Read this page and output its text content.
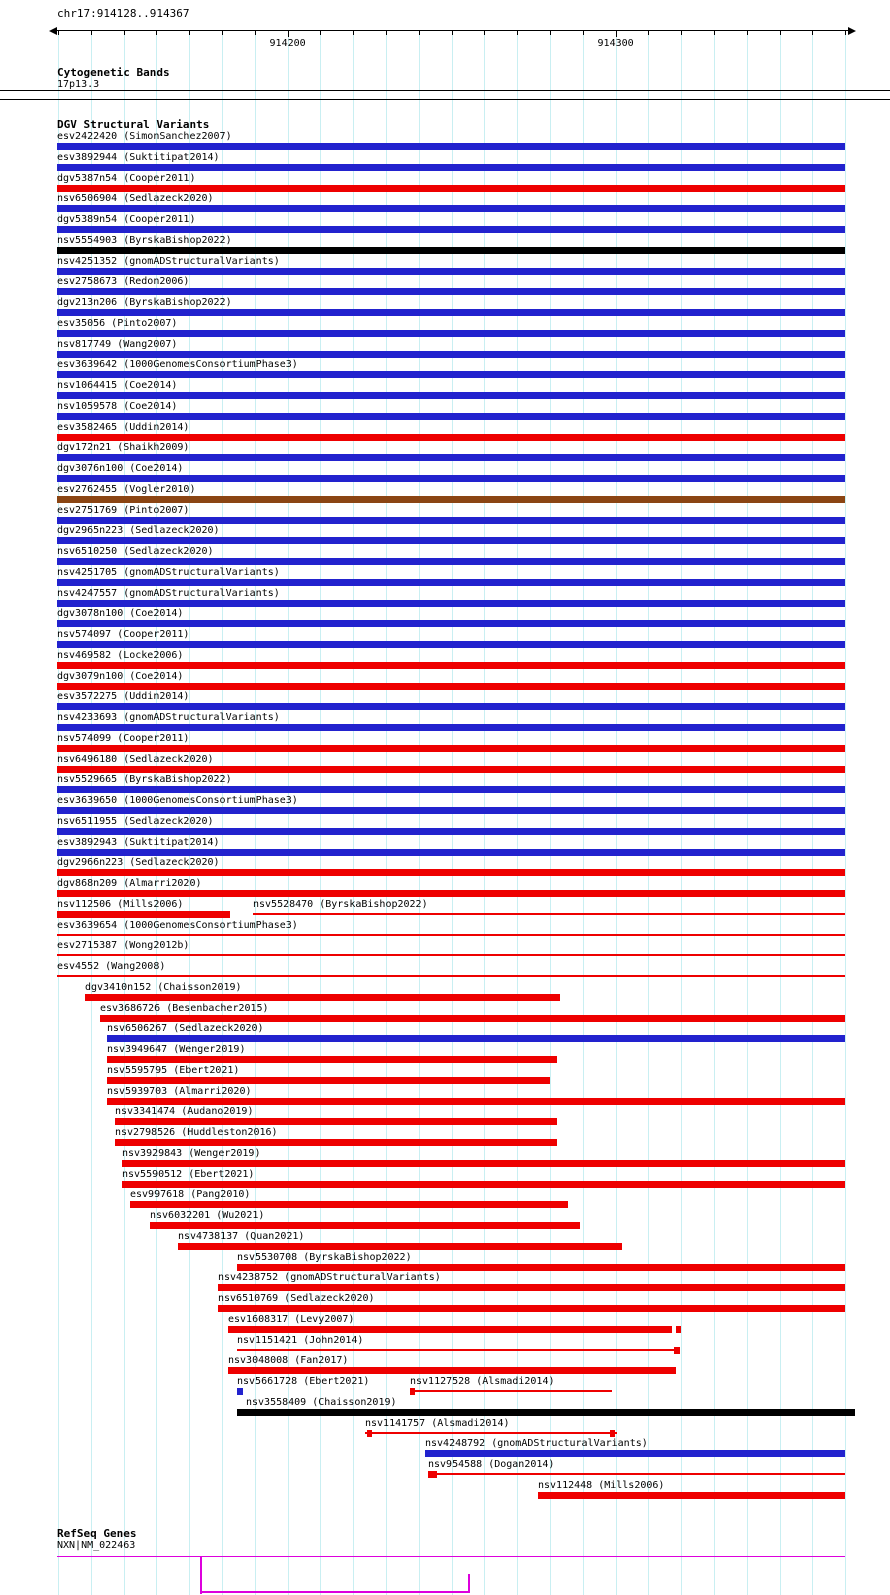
chr17:914128..914367
Cytogenetic Bands
17p13.3
DGV Structural Variants
RefSeq Genes
NXN|NM_022463
914200	914300
esv2422420 (SimonSanchez2007)
esv3892944 (Suktitipat2014)
dgv5387n54 (Cooper2011)
nsv6506904 (Sedlazeck2020)
dgv5389n54 (Cooper2011)
nsv5554903 (ByrskaBishop2022)
nsv4251352 (gnomADStructuralVariants)
esv2758673 (Redon2006)
dgv213n206 (ByrskaBishop2022)
esv35056 (Pinto2007)
nsv817749 (Wang2007)
esv3639642 (1000GenomesConsortiumPhase3)
nsv1064415 (Coe2014)
nsv1059578 (Coe2014)
esv3582465 (Uddin2014)
dgv172n21 (Shaikh2009)
dgv3076n100 (Coe2014)
esv2762455 (Vogler2010)
esv2751769 (Pinto2007)
dgv2965n223 (Sedlazeck2020)
nsv6510250 (Sedlazeck2020)
nsv4251705 (gnomADStructuralVariants)
nsv4247557 (gnomADStructuralVariants)
dgv3078n100 (Coe2014)
nsv574097 (Cooper2011)
nsv469582 (Locke2006)
dgv3079n100 (Coe2014)
esv3572275 (Uddin2014)
nsv4233693 (gnomADStructuralVariants)
nsv574099 (Cooper2011)
nsv6496180 (Sedlazeck2020)
nsv5529665 (ByrskaBishop2022)
esv3639650 (1000GenomesConsortiumPhase3)
nsv6511955 (Sedlazeck2020)
esv3892943 (Suktitipat2014)
dgv2966n223 (Sedlazeck2020)
dgv868n209 (Almarri2020)
nsv112506 (Mills2006)	nsv5528470 (ByrskaBishop2022)
esv3639654 (1000GenomesConsortiumPhase3)
esv2715387 (Wong2012b)
esv4552 (Wang2008)
dgv3410n152 (Chaisson2019)
esv3686726 (Besenbacher2015)
nsv6506267 (Sedlazeck2020)
nsv3949647 (Wenger2019)
nsv5595795 (Ebert2021)
nsv5939703 (Almarri2020)
nsv3341474 (Audano2019)
nsv2798526 (Huddleston2016)
nsv3929843 (Wenger2019)
nsv5590512 (Ebert2021)
esv997618 (Pang2010)
nsv6032201 (Wu2021)
nsv4738137 (Quan2021)
nsv5530708 (ByrskaBishop2022)
nsv4238752 (gnomADStructuralVariants)
nsv6510769 (Sedlazeck2020)
esv1608317 (Levy2007)
nsv1151421 (John2014)
nsv3048008 (Fan2017)
nsv5661728 (Ebert2021)	nsv1127528 (Alsmadi2014)
nsv3558409 (Chaisson2019)
nsv1141757 (Alsmadi2014)
nsv4248792 (gnomADStructuralVariants)
nsv954588 (Dogan2014)
nsv112448 (Mills2006)
